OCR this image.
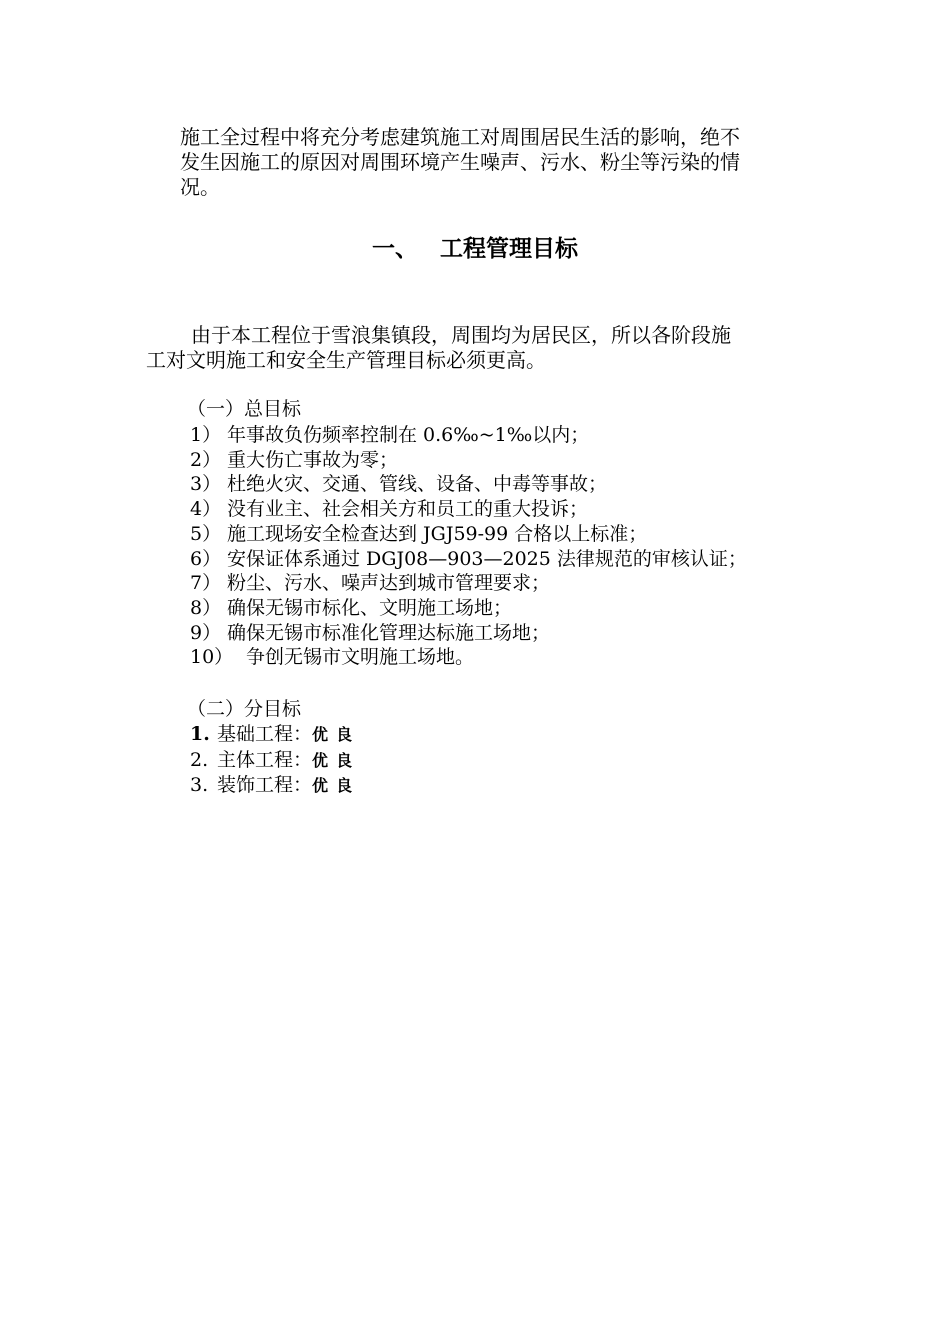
施工全过程中将充分考虑建筑施工对周围居民生活的影响，绝不
发生因施工的原因对周围环境产生噪声、污水、粉尘等污染的情
况。

一、 工程管理目标

由于本工程位于雪浪集镇段，周围均为居民区，所以各阶段施
工对文明施工和安全生产管理目标必须更高。

（一）总目标

1） 年事故负伤频率控制在 0.6‰~1‰以内；
2） 重大伤亡事故为零；
3） 杜绝火灾、交通、管线、设备、中毒等事故；
4） 没有业主、社会相关方和员工的重大投诉；
5） 施工现场安全检查达到 JGJ59-99 合格以上标准；
6） 安保证体系通过 DGJ08—903—2025 法律规范的审核认证；
7） 粉尘、污水、噪声达到城市管理要求；
8） 确保无锡市标化、文明施工场地；
9） 确保无锡市标准化管理达标施工场地；
10） 争创无锡市文明施工场地。

（二）分目标

1. 基础工程：优良
2. 主体工程：优良
3. 装饰工程：优良
